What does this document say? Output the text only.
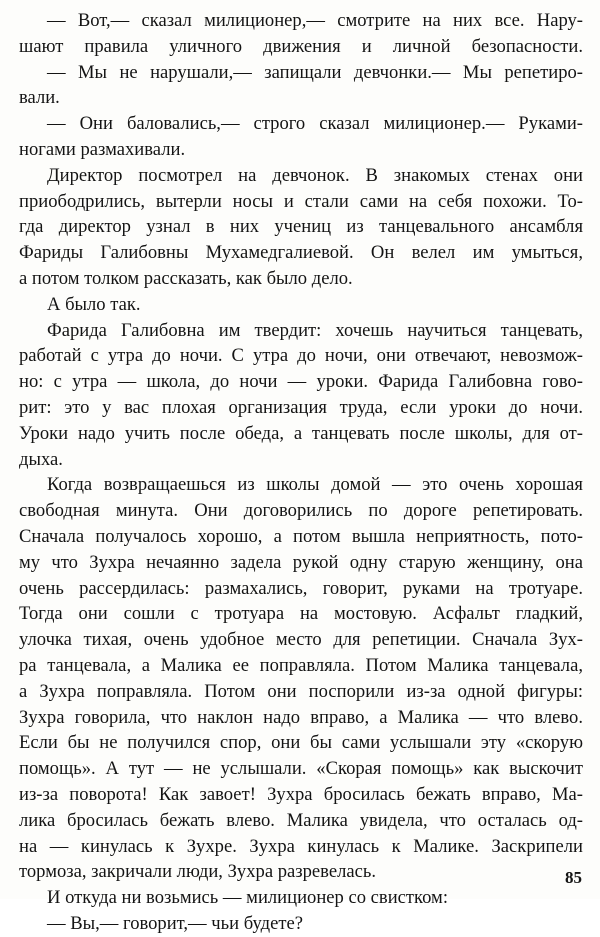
— Вот,— сказал милиционер,— смотрите на них все. Нару-
шают правила уличного движения и личной безопасности.
— Мы не нарушали,— запищали девчонки.— Мы репетиро-
вали.
— Они баловались,— строго сказал милиционер.— Руками-
ногами размахивали.
Директор посмотрел на девчонок. В знакомых стенах они
приободрились, вытерли носы и стали сами на себя похожи. То-
гда директор узнал в них учениц из танцевального ансамбля
Фариды Галибовны Мухамедгалиевой. Он велел им умыться,
а потом толком рассказать, как было дело.
А было так.
Фарида Галибовна им твердит: хочешь научиться танцевать,
работай с утра до ночи. С утра до ночи, они отвечают, невозмож-
но: с утра — школа, до ночи — уроки. Фарида Галибовна гово-
рит: это у вас плохая организация труда, если уроки до ночи.
Уроки надо учить после обеда, а танцевать после школы, для от-
дыха.
Когда возвращаешься из школы домой — это очень хорошая
свободная минута. Они договорились по дороге репетировать.
Сначала получалось хорошо, а потом вышла неприятность, пото-
му что Зухра нечаянно задела рукой одну старую женщину, она
очень рассердилась: размахались, говорит, руками на тротуаре.
Тогда они сошли с тротуара на мостовую. Асфальт гладкий,
улочка тихая, очень удобное место для репетиции. Сначала Зух-
ра танцевала, а Малика ее поправляла. Потом Малика танцевала,
а Зухра поправляла. Потом они поспорили из-за одной фигуры:
Зухра говорила, что наклон надо вправо, а Малика — что влево.
Если бы не получился спор, они бы сами услышали эту «скорую
помощь». А тут — не услышали. «Скорая помощь» как выскочит
из-за поворота! Как завоет! Зухра бросилась бежать вправо, Ма-
лика бросилась бежать влево. Малика увидела, что осталась од-
на — кинулась к Зухре. Зухра кинулась к Малике. Заскрипели
тормоза, закричали люди, Зухра разревелась.
И откуда ни возьмись — милиционер со свистком:
— Вы,— говорит,— чьи будете?
85
